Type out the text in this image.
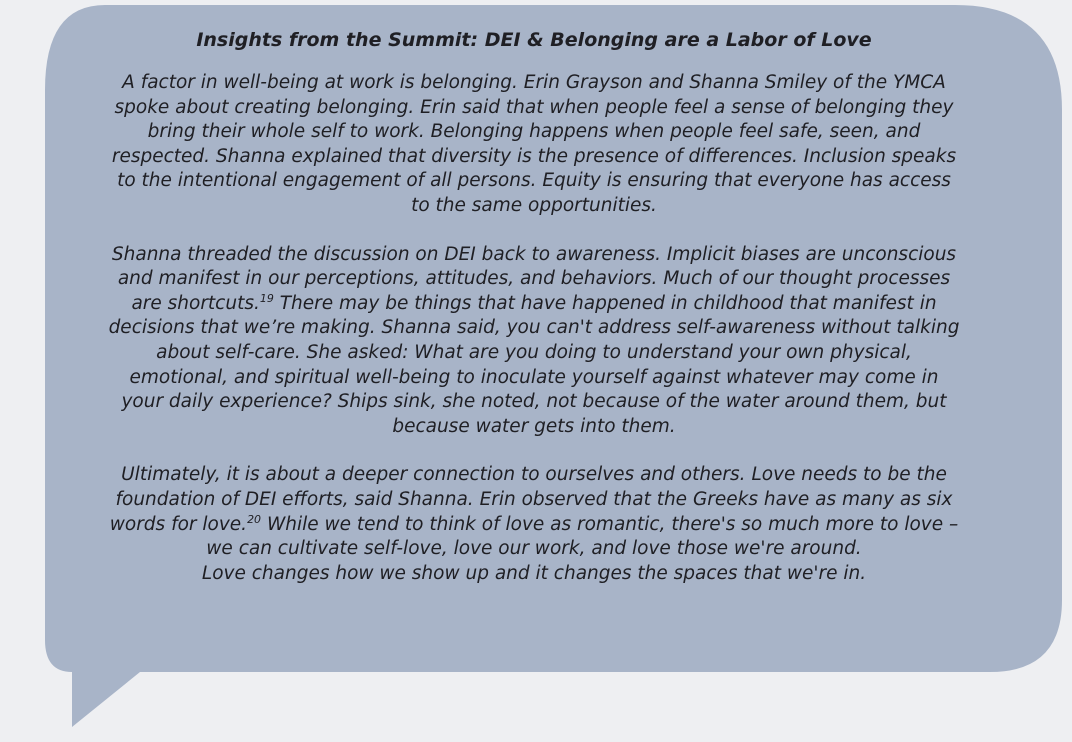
Insights from the Summit: DEI & Belonging are a Labor of Love
A factor in well-being at work is belonging. Erin Grayson and Shanna Smiley of the YMCA
spoke about creating belonging. Erin said that when people feel a sense of belonging they
bring their whole self to work. Belonging happens when people feel safe, seen, and
respected. Shanna explained that diversity is the presence of differences. Inclusion speaks
to the intentional engagement of all persons. Equity is ensuring that everyone has access
to the same opportunities.
Shanna threaded the discussion on DEI back to awareness. Implicit biases are unconscious
and manifest in our perceptions, attitudes, and behaviors. Much of our thought processes
are shortcuts.$^{19}$ There may be things that have happened in childhood that manifest in
decisions that we’re making. Shanna said, you can't address self-awareness without talking
about self-care. She asked: What are you doing to understand your own physical,
emotional, and spiritual well-being to inoculate yourself against whatever may come in
your daily experience? Ships sink, she noted, not because of the water around them, but
because water gets into them.
Ultimately, it is about a deeper connection to ourselves and others. Love needs to be the
foundation of DEI efforts, said Shanna. Erin observed that the Greeks have as many as six
words for love.$^{20}$ While we tend to think of love as romantic, there's so much more to love –
we can cultivate self-love, love our work, and love those we're around.
Love changes how we show up and it changes the spaces that we're in.
